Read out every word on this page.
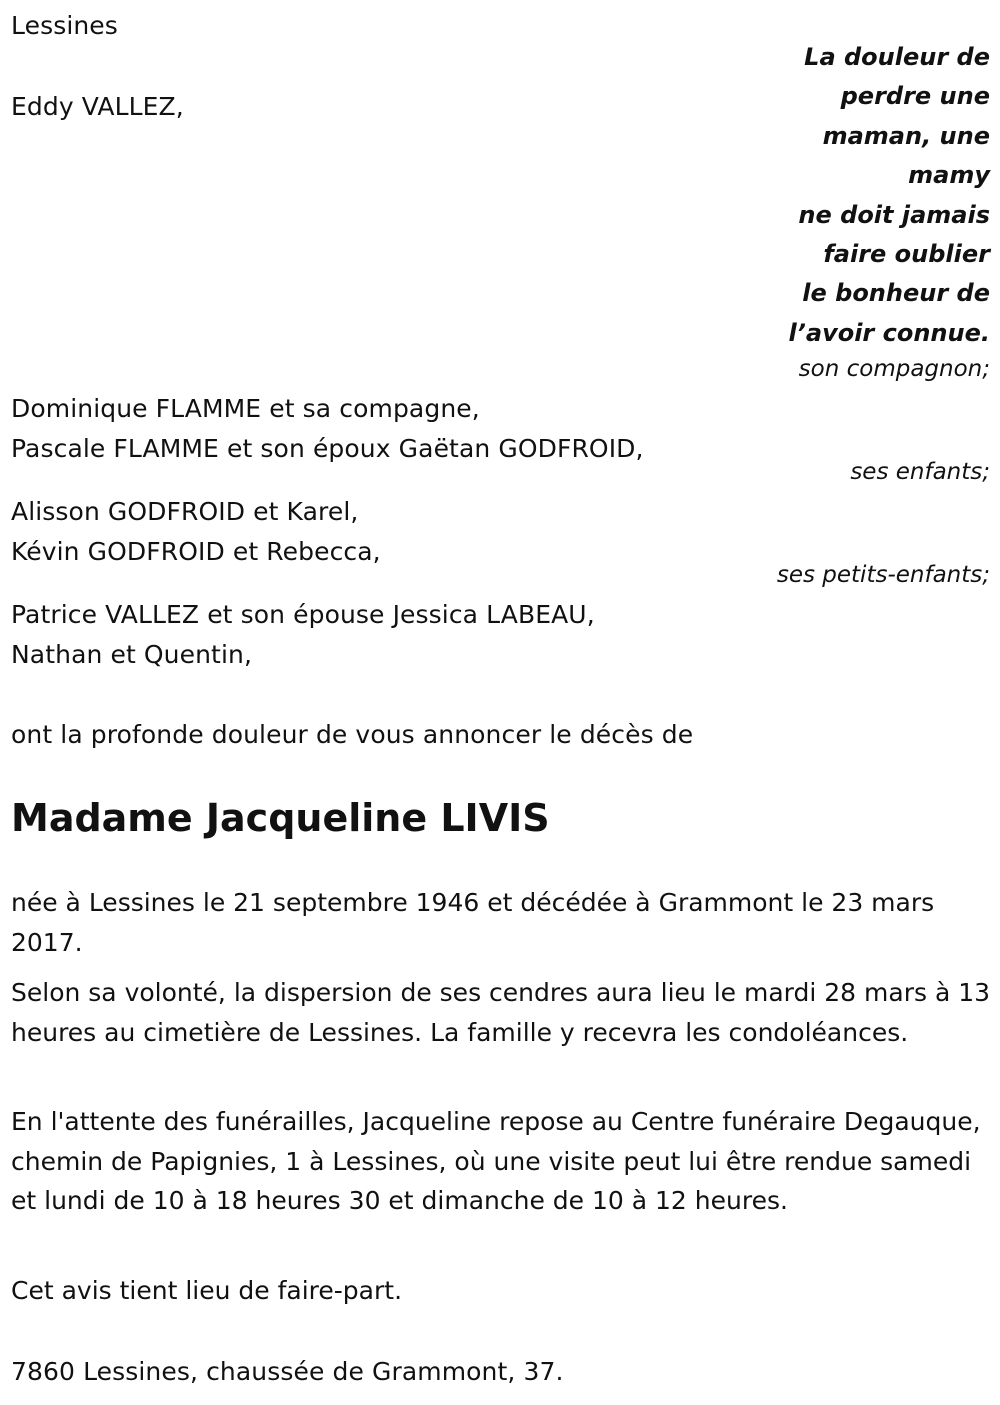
Lessines
La douleur de
perdre une
maman, une
mamy
ne doit jamais
faire oublier
le bonheur de
l’avoir connue.
Eddy VALLEZ,
son compagnon;
Dominique FLAMME et sa compagne,
Pascale FLAMME et son époux Gaëtan GODFROID,
ses enfants;
Alisson GODFROID et Karel,
Kévin GODFROID et Rebecca,
ses petits-enfants;
Patrice VALLEZ et son épouse Jessica LABEAU,
Nathan et Quentin,
ont la profonde douleur de vous annoncer le décès de
Madame Jacqueline LIVIS
née à Lessines le 21 septembre 1946 et décédée à Grammont le 23 mars 2017.
Selon sa volonté, la dispersion de ses cendres aura lieu le mardi 28 mars à 13 heures au cimetière de Lessines. La famille y recevra les condoléances.
En l'attente des funérailles, Jacqueline repose au Centre funéraire Degauque, chemin de Papignies, 1 à Lessines, où une visite peut lui être rendue samedi et lundi de 10 à 18 heures 30 et dimanche de 10 à 12 heures.
Cet avis tient lieu de faire-part.
7860 Lessines, chaussée de Grammont, 37.
